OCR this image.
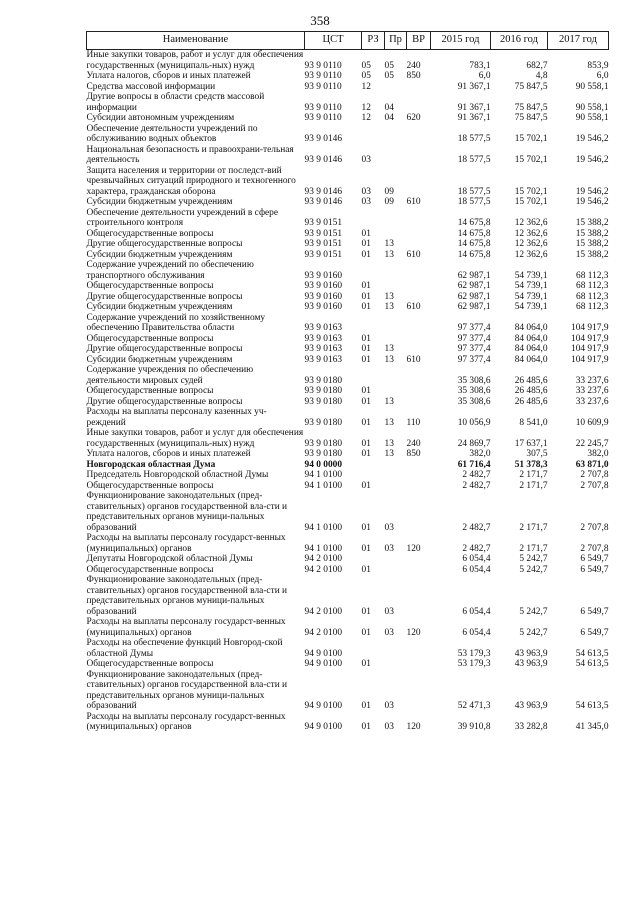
358
Наименование	ЦСТ	РЗ	Пр	ВР	2015 год	2016 год	2017 год
Иные закупки товаров, работ и услуг для обеспечения государственных (муниципаль-ных) нужд	93 9 0110	05	05	240	783,1	682,7	853,9
Уплата налогов, сборов и иных платежей	93 9 0110	05	05	850	6,0	4,8	6,0
Средства массовой информации	93 9 0110	12			91 367,1	75 847,5	90 558,1
Другие вопросы в области средств массовой информации	93 9 0110	12	04		91 367,1	75 847,5	90 558,1
Субсидии автономным учреждениям	93 9 0110	12	04	620	91 367,1	75 847,5	90 558,1
Обеспечение деятельности учреждений по обслуживанию водных объектов	93 9 0146				18 577,5	15 702,1	19 546,2
Национальная безопасность и правоохрани-тельная деятельность	93 9 0146	03			18 577,5	15 702,1	19 546,2
Защита населения и территории от последст-вий чрезвычайных ситуаций природного и техногенного характера, гражданская оборона	93 9 0146	03	09		18 577,5	15 702,1	19 546,2
Субсидии бюджетным учреждениям	93 9 0146	03	09	610	18 577,5	15 702,1	19 546,2
Обеспечение деятельности учреждений в сфере строительного контроля	93 9 0151				14 675,8	12 362,6	15 388,2
Общегосударственные вопросы	93 9 0151	01			14 675,8	12 362,6	15 388,2
Другие общегосударственные вопросы	93 9 0151	01	13		14 675,8	12 362,6	15 388,2
Субсидии бюджетным учреждениям	93 9 0151	01	13	610	14 675,8	12 362,6	15 388,2
Содержание учреждений по обеспечению транспортного обслуживания	93 9 0160				62 987,1	54 739,1	68 112,3
Общегосударственные вопросы	93 9 0160	01			62 987,1	54 739,1	68 112,3
Другие общегосударственные вопросы	93 9 0160	01	13		62 987,1	54 739,1	68 112,3
Субсидии бюджетным учреждениям	93 9 0160	01	13	610	62 987,1	54 739,1	68 112,3
Содержание учреждений по хозяйственному обеспечению Правительства области	93 9 0163				97 377,4	84 064,0	104 917,9
Общегосударственные вопросы	93 9 0163	01			97 377,4	84 064,0	104 917,9
Другие общегосударственные вопросы	93 9 0163	01	13		97 377,4	84 064,0	104 917,9
Субсидии бюджетным учреждениям	93 9 0163	01	13	610	97 377,4	84 064,0	104 917,9
Содержание учреждения по обеспечению деятельности мировых судей	93 9 0180				35 308,6	26 485,6	33 237,6
Общегосударственные вопросы	93 9 0180	01			35 308,6	26 485,6	33 237,6
Другие общегосударственные вопросы	93 9 0180	01	13		35 308,6	26 485,6	33 237,6
Расходы на выплаты персоналу казенных уч-реждений	93 9 0180	01	13	110	10 056,9	8 541,0	10 609,9
Иные закупки товаров, работ и услуг для обеспечения государственных (муниципаль-ных) нужд	93 9 0180	01	13	240	24 869,7	17 637,1	22 245,7
Уплата налогов, сборов и иных платежей	93 9 0180	01	13	850	382,0	307,5	382,0
Новгородская областная Дума	94 0 0000				61 716,4	51 378,3	63 871,0
Председатель Новгородской областной Думы	94 1 0100				2 482,7	2 171,7	2 707,8
Общегосударственные вопросы	94 1 0100	01			2 482,7	2 171,7	2 707,8
Функционирование законодательных (пред-ставительных) органов государственной вла-сти и представительных органов муници-пальных образований	94 1 0100	01	03		2 482,7	2 171,7	2 707,8
Расходы на выплаты персоналу государст-венных (муниципальных) органов	94 1 0100	01	03	120	2 482,7	2 171,7	2 707,8
Депутаты Новгородской областной Думы	94 2 0100				6 054,4	5 242,7	6 549,7
Общегосударственные вопросы	94 2 0100	01			6 054,4	5 242,7	6 549,7
Функционирование законодательных (пред-ставительных) органов государственной вла-сти и представительных органов муници-пальных образований	94 2 0100	01	03		6 054,4	5 242,7	6 549,7
Расходы на выплаты персоналу государст-венных (муниципальных) органов	94 2 0100	01	03	120	6 054,4	5 242,7	6 549,7
Расходы на обеспечение функций Новгород-ской областной Думы	94 9 0100				53 179,3	43 963,9	54 613,5
Общегосударственные вопросы	94 9 0100	01			53 179,3	43 963,9	54 613,5
Функционирование законодательных (пред-ставительных) органов государственной вла-сти и представительных органов муници-пальных образований	94 9 0100	01	03		52 471,3	43 963,9	54 613,5
Расходы на выплаты персоналу государст-венных (муниципальных) органов	94 9 0100	01	03	120	39 910,8	33 282,8	41 345,0
